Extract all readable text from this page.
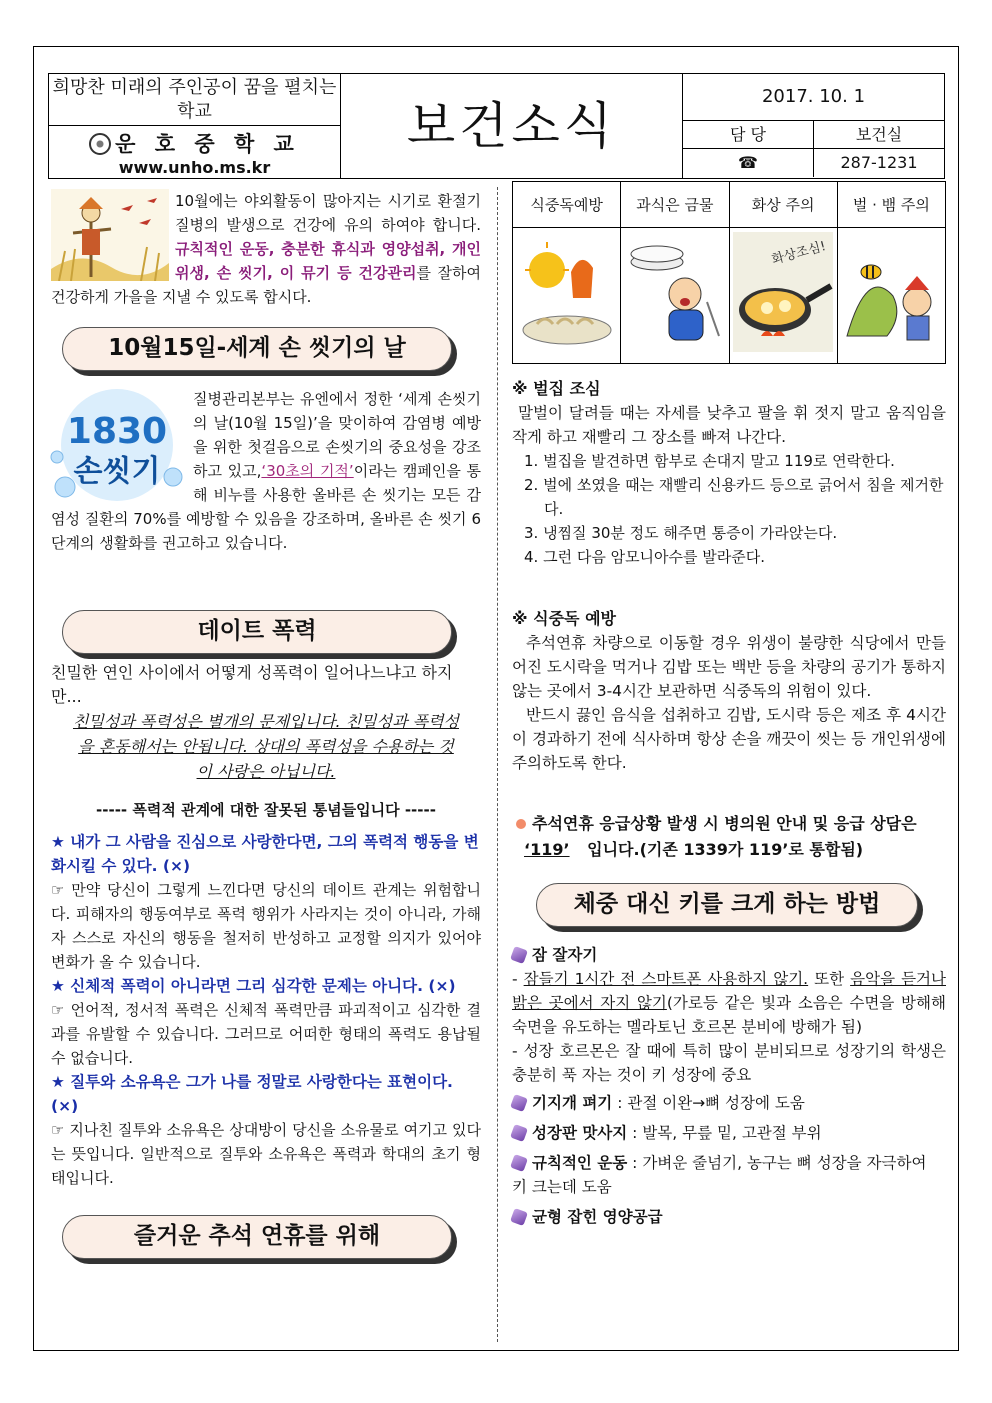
희망찬 미래의 주인공이 꿈을 펼치는 학교
운 호 중 학 교
www.unho.ms.kr
보건소식
2017. 10. 1
담 당	보건실
☎	287-1231

10월에는 야외활동이 많아지는 시기로 환절기 질병의 발생으로 건강에 유의 하여야 합니다. 규칙적인 운동, 충분한 휴식과 영양섭취, 개인위생, 손 씻기, 이 뮤기 등 건강관리를 잘하여 건강하게 가을을 지낼 수 있도록 합시다.

10월15일-세계 손 씻기의 날
1830
손씻기

질병관리본부는 유엔에서 정한 ‘세계 손씻기의 날(10월 15일)’을 맞이하여 감염병 예방을 위한 첫걸음으로 손씻기의 중요성을 강조하고 있고,‘30초의 기적’이라는 캠페인을 통해 비누를 사용한 올바른 손 씻기는 모든 감염성 질환의 70%를 예방할 수 있음을 강조하며, 올바른 손 씻기 6단계의 생활화를 권고하고 있습니다.

데이트 폭력

친밀한 연인 사이에서 어떻게 성폭력이 일어나느냐고 하지만...

친밀성과 폭력성은 별개의 문제입니다. 친밀성과 폭력성을 혼동해서는 안됩니다. 상대의 폭력성을 수용하는 것이 사랑은 아닙니다.

----- 폭력적 관계에 대한 잘못된 통념들입니다 -----

★ 내가 그 사람을 진심으로 사랑한다면, 그의 폭력적 행동을 변화시킬 수 있다. (×)

☞ 만약 당신이 그렇게 느낀다면 당신의 데이트 관계는 위험합니다. 피해자의 행동여부로 폭력 행위가 사라지는 것이 아니라, 가해자 스스로 자신의 행동을 철저히 반성하고 교정할 의지가 있어야 변화가 올 수 있습니다.

★ 신체적 폭력이 아니라면 그리 심각한 문제는 아니다. (×)

☞ 언어적, 정서적 폭력은 신체적 폭력만큼 파괴적이고 심각한 결과를 유발할 수 있습니다. 그러므로 어떠한 형태의 폭력도 용납될 수 없습니다.

★ 질투와 소유욕은 그가 나를 정말로 사랑한다는 표현이다. (×)

☞ 지나친 질투와 소유욕은 상대방이 당신을 소유물로 여기고 있다는 뜻입니다. 일반적으로 질투와 소유욕은 폭력과 학대의 초기 형태입니다.

즐거운 추석 연휴를 위해
식중독예방	과식은 금물	화상 주의	벌 · 뱀 주의

화상조심!

※ 벌집 조심

말벌이 달려들 때는 자세를 낮추고 팔을 휘 젓지 말고 움직임을 작게 하고 재빨리 그 장소를 빠져 나간다.

1. 벌집을 발견하면 함부로 손대지 말고 119로 연락한다.
2. 벌에 쏘였을 때는 재빨리 신용카드 등으로 긁어서 침을 제거한다.
3. 냉찜질 30분 정도 해주면 통증이 가라앉는다.
4. 그런 다음 암모니아수를 발라준다.

※ 식중독 예방

추석연휴 차량으로 이동할 경우 위생이 불량한 식당에서 만들어진 도시락을 먹거나 김밥 또는 백반 등을 차량의 공기가 통하지 않는 곳에서 3-4시간 보관하면 식중독의 위험이 있다.

반드시 끓인 음식을 섭취하고 김밥, 도시락 등은 제조 후 4시간이 경과하기 전에 식사하며 항상 손을 깨끗이 씻는 등 개인위생에 주의하도록 한다.

추석연휴 응급상황 발생 시 병의원 안내 및 응급 상담은 ‘119’ 입니다.(기존 1339가 119’로 통합됨)

체중 대신 키를 크게 하는 방법

잠 잘자기

- 잠들기 1시간 전 스마트폰 사용하지 않기. 또한 음악을 듣거나 밝은 곳에서 자지 않기(가로등 같은 빛과 소음은 수면을 방해해 숙면을 유도하는 멜라토닌 호르몬 분비에 방해가 됨)

- 성장 호르몬은 잘 때에 특히 많이 분비되므로 성장기의 학생은 충분히 푹 자는 것이 키 성장에 중요

기지개 펴기 : 관절 이완→뼈 성장에 도움

성장판 맛사지 : 발목, 무릎 밑, 고관절 부위

규칙적인 운동 : 가벼운 줄넘기, 농구는 뼈 성장을 자극하여 키 크는데 도움

균형 잡힌 영양공급
